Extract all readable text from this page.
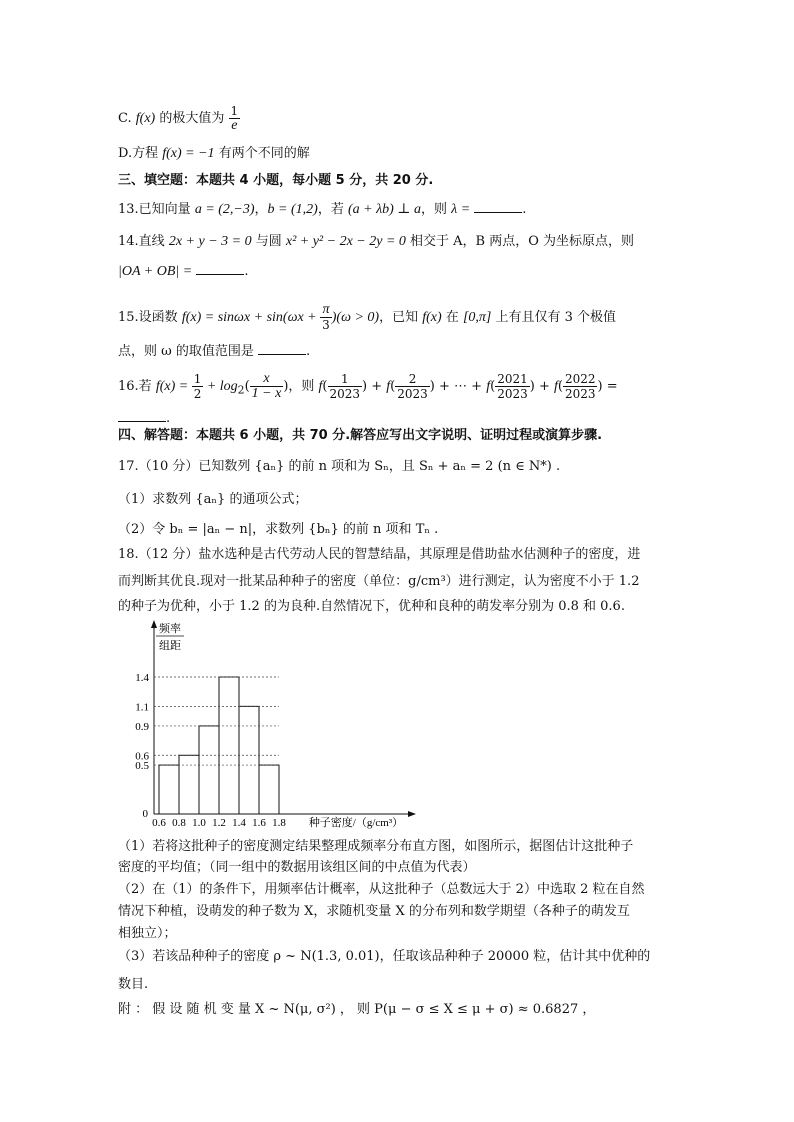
C. f(x) 的极大值为 $\frac{1}{e}$
D.方程 f(x) = −1 有两个不同的解
三、填空题：本题共 4 小题，每小题 5 分，共 20 分.
13.已知向量 a = (2,−3)，b = (1,2)，若 (a + λb) ⊥ a，则 λ =	.
14.直线 2x + y − 3 = 0 与圆 x² + y² − 2x − 2y = 0 相交于 A，B 两点，O 为坐标原点，则
|OA + OB| =	.
15.设函数 $f(x) = \sin\omega x + \sin(\omega x + \frac{\pi}{3} )(\omega > 0)$，已知 f(x) 在 [0,π] 上有且仅有 3 个极值
点，则 ω 的取值范围是	.
16.若 $f(x) = \frac{1}{2} + \log_2( \frac{x}{1 - x}$ )，则 $f( \frac{1}{2023}$ ) + $f( \frac{2}{2023}$ ) + ⋯ + $f( \frac{2021}{2023}$ ) + $f( \frac{2022}{2023}$ ) =
.
四、解答题：本题共 6 小题，共 70 分.解答应写出文字说明、证明过程或演算步骤.
17.（10 分）已知数列 {aₙ} 的前 n 项和为 Sₙ，且 Sₙ + aₙ = 2 (n ∈ N*) .
（1）求数列 {aₙ} 的通项公式；
（2）令 bₙ = |aₙ − n|，求数列 {bₙ} 的前 n 项和 Tₙ .
18.（12 分）盐水选种是古代劳动人民的智慧结晶，其原理是借助盐水估测种子的密度，进
而判断其优良.现对一批某品种种子的密度（单位：g/cm³）进行测定，认为密度不小于 1.2
的种子为优种，小于 1.2 的为良种.自然情况下，优种和良种的萌发率分别为 0.8 和 0.6.
频率
组距
0
种子密度/（g/cm³）
0.6 0.8 1.0 1.2 1.4 1.6 1.8
0.5
0.6
0.9
1.1
1.4
（1）若将这批种子的密度测定结果整理成频率分布直方图，如图所示，据图估计这批种子
密度的平均值；（同一组中的数据用该组区间的中点值为代表）
（2）在（1）的条件下，用频率估计概率，从这批种子（总数远大于 2）中选取 2 粒在自然
情况下种植，设萌发的种子数为 X，求随机变量 X 的分布列和数学期望（各种子的萌发互
相独立）；
（3）若该品种种子的密度 ρ ~ N(1.3, 0.01)，任取该品种种子 20000 粒，估计其中优种的
数目.
附 ： 假 设 随 机 变 量 X ~ N(μ, σ²) ， 则 P(μ − σ ≤ X ≤ μ + σ) ≈ 0.6827 ，
